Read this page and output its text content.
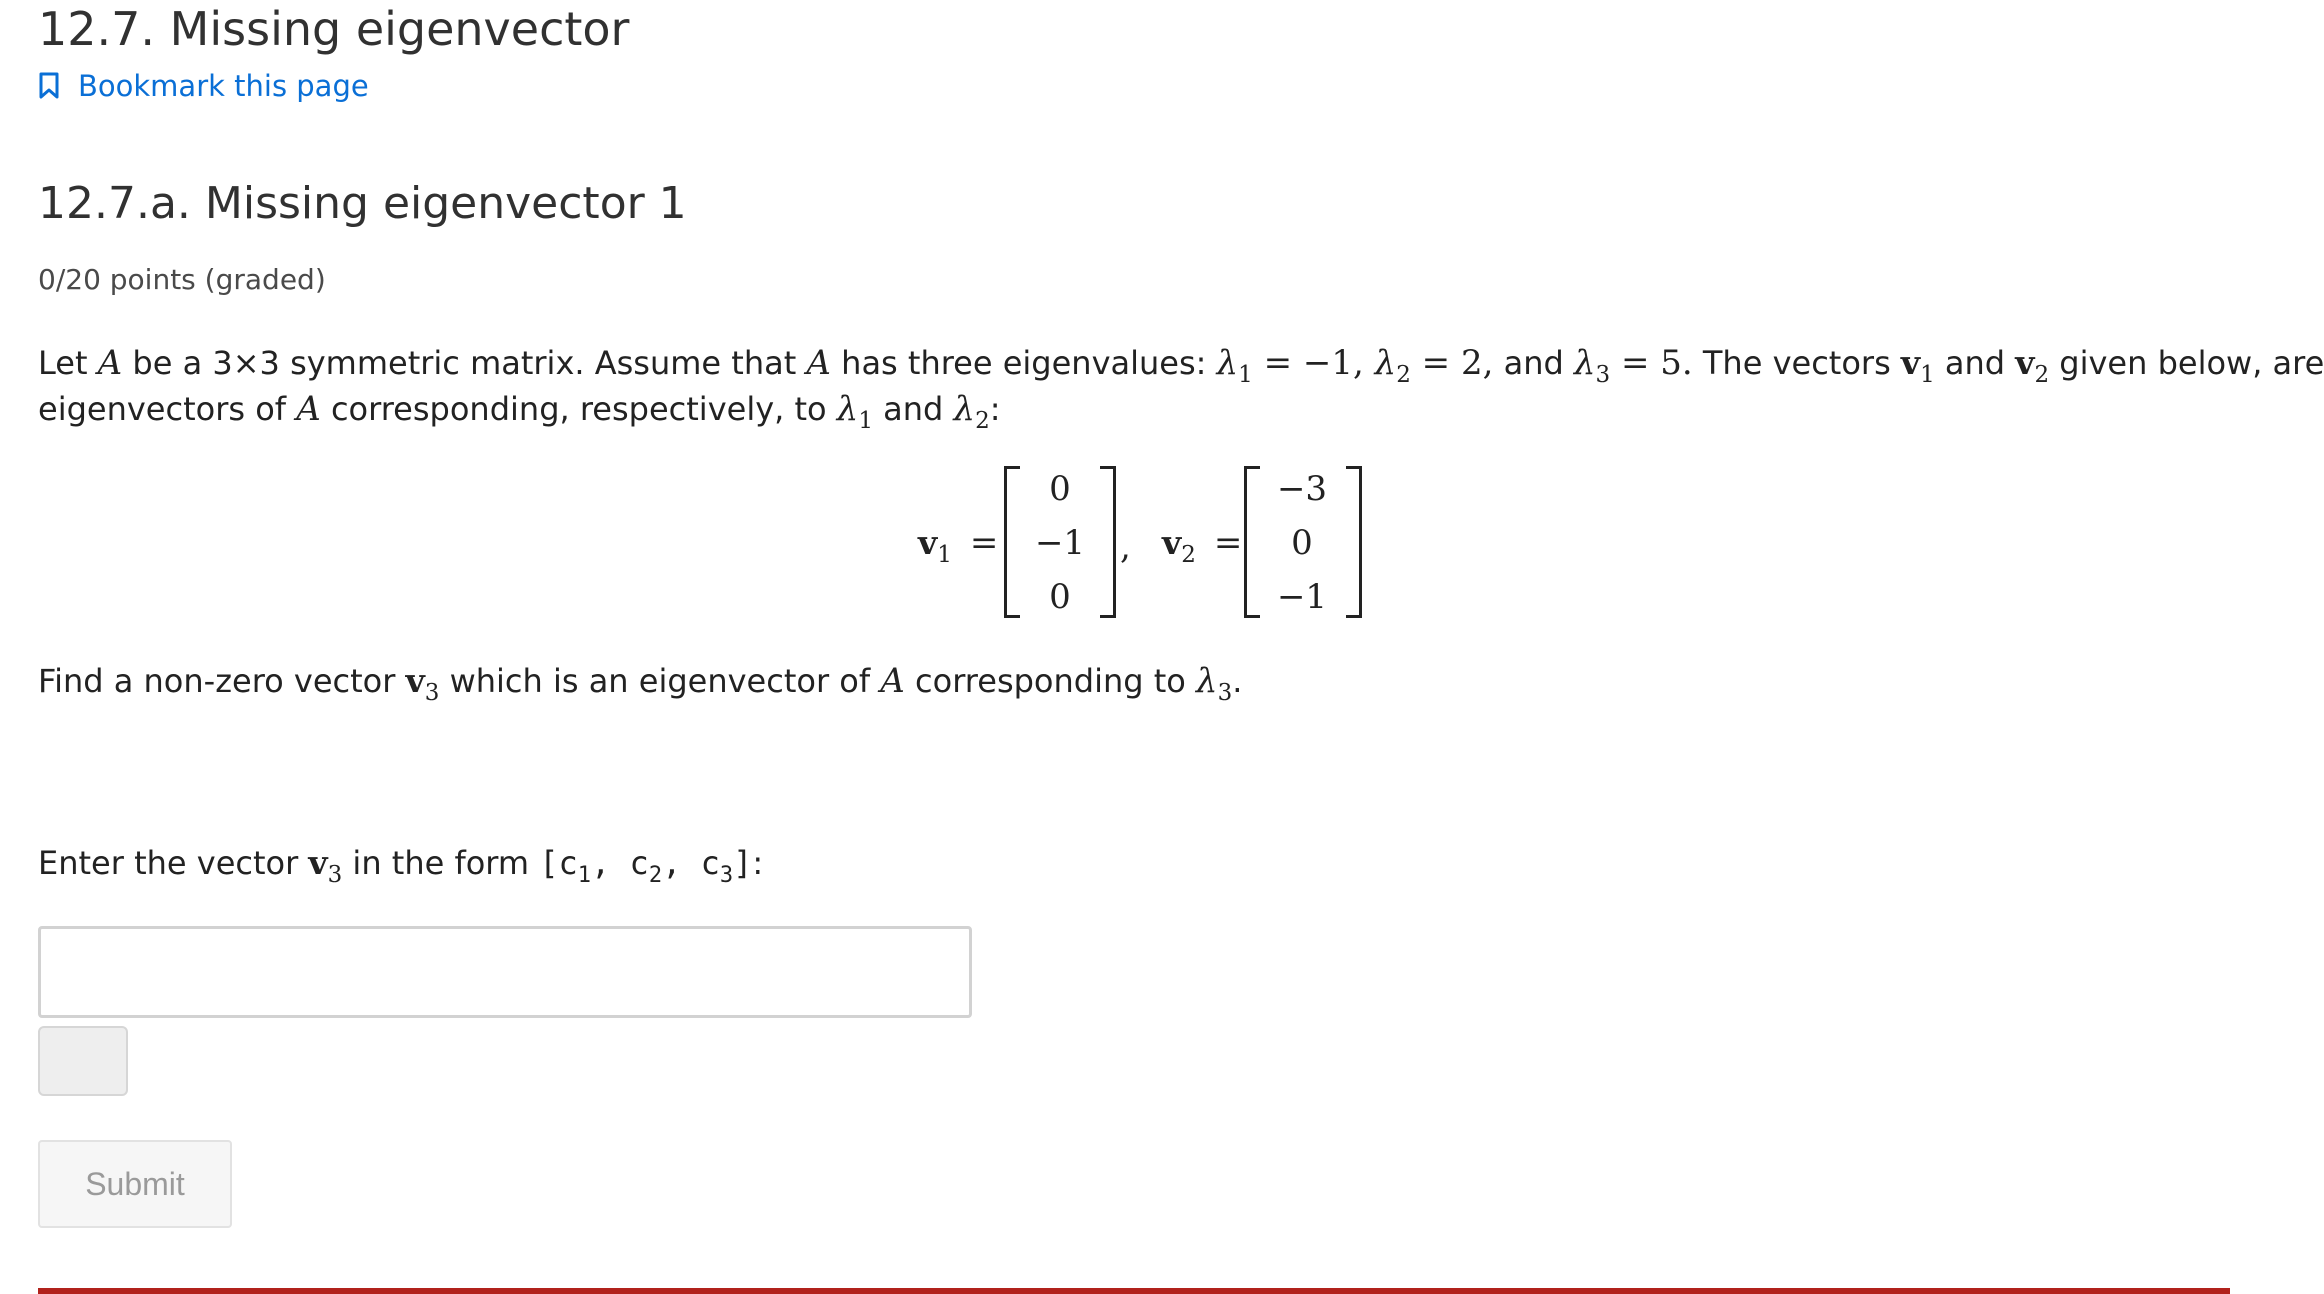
12.7. Missing eigenvector
Bookmark this page
12.7.a. Missing eigenvector 1
0/20 points (graded)
Let A be a 3×3 symmetric matrix. Assume that A has three eigenvalues: $\lambda_1 = -1$, $\lambda_2 = 2$, and $\lambda_3 = 5$. The vectors $v_1$ and $v_2$ given below, are
eigenvectors of A corresponding, respectively, to $\lambda_1$ and $\lambda_2$:
$v_1$ =
0
−1
0
, $v_2$ =
−3
0
−1
Find a non-zero vector $v_3$ which is an eigenvector of A corresponding to $\lambda_3$.
Enter the vector $v_3$ in the form [$c_1$, $c_2$, $c_3$]:
Submit
